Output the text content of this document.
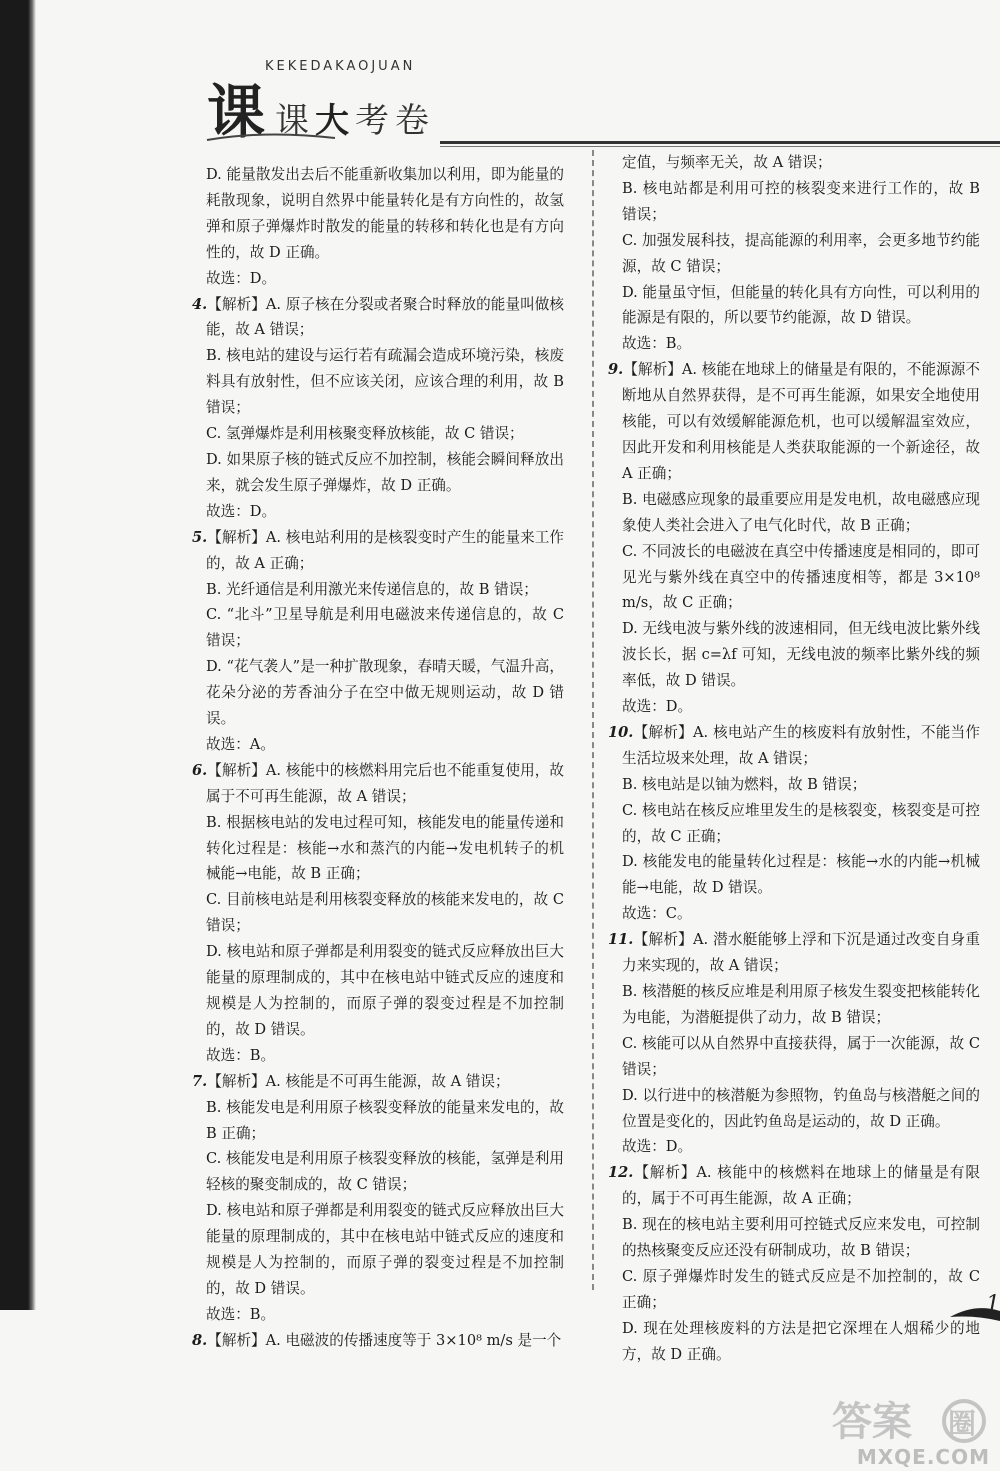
KEKEDAKAOJUAN
课 课 大 考 卷

D. 能量散发出去后不能重新收集加以利用，即为能量的耗散现象，说明自然界中能量转化是有方向性的，故氢弹和原子弹爆炸时散发的能量的转移和转化也是有方向性的，故 D 正确。

故选：D。

4.【解析】A. 原子核在分裂或者聚合时释放的能量叫做核能，故 A 错误；

B. 核电站的建设与运行若有疏漏会造成环境污染，核废料具有放射性，但不应该关闭，应该合理的利用，故 B 错误；

C. 氢弹爆炸是利用核聚变释放核能，故 C 错误；

D. 如果原子核的链式反应不加控制，核能会瞬间释放出来，就会发生原子弹爆炸，故 D 正确。

故选：D。

5.【解析】A. 核电站利用的是核裂变时产生的能量来工作的，故 A 正确；

B. 光纤通信是利用激光来传递信息的，故 B 错误；

C. “北斗”卫星导航是利用电磁波来传递信息的，故 C 错误；

D. “花气袭人”是一种扩散现象，春晴天暖，气温升高，花朵分泌的芳香油分子在空中做无规则运动，故 D 错误。

故选：A。

6.【解析】A. 核能中的核燃料用完后也不能重复使用，故属于不可再生能源，故 A 错误；

B. 根据核电站的发电过程可知，核能发电的能量传递和转化过程是：核能→水和蒸汽的内能→发电机转子的机械能→电能，故 B 正确；

C. 目前核电站是利用核裂变释放的核能来发电的，故 C 错误；

D. 核电站和原子弹都是利用裂变的链式反应释放出巨大能量的原理制成的，其中在核电站中链式反应的速度和规模是人为控制的，而原子弹的裂变过程是不加控制的，故 D 错误。

故选：B。

7.【解析】A. 核能是不可再生能源，故 A 错误；

B. 核能发电是利用原子核裂变释放的能量来发电的，故 B 正确；

C. 核能发电是利用原子核裂变释放的核能，氢弹是利用轻核的聚变制成的，故 C 错误；

D. 核电站和原子弹都是利用裂变的链式反应释放出巨大能量的原理制成的，其中在核电站中链式反应的速度和规模是人为控制的，而原子弹的裂变过程是不加控制的，故 D 错误。

故选：B。

8.【解析】A. 电磁波的传播速度等于 3×10⁸ m/s 是一个

定值，与频率无关，故 A 错误；

B. 核电站都是利用可控的核裂变来进行工作的，故 B 错误；

C. 加强发展科技，提高能源的利用率，会更多地节约能源，故 C 错误；

D. 能量虽守恒，但能量的转化具有方向性，可以利用的能源是有限的，所以要节约能源，故 D 错误。

故选：B。

9.【解析】A. 核能在地球上的储量是有限的，不能源源不断地从自然界获得，是不可再生能源，如果安全地使用核能，可以有效缓解能源危机，也可以缓解温室效应，因此开发和利用核能是人类获取能源的一个新途径，故 A 正确；

B. 电磁感应现象的最重要应用是发电机，故电磁感应现象使人类社会进入了电气化时代，故 B 正确；

C. 不同波长的电磁波在真空中传播速度是相同的，即可见光与紫外线在真空中的传播速度相等，都是 3×10⁸ m/s，故 C 正确；

D. 无线电波与紫外线的波速相同，但无线电波比紫外线波长长，据 c=λf 可知，无线电波的频率比紫外线的频率低，故 D 错误。

故选：D。

10.【解析】A. 核电站产生的核废料有放射性，不能当作生活垃圾来处理，故 A 错误；

B. 核电站是以铀为燃料，故 B 错误；

C. 核电站在核反应堆里发生的是核裂变，核裂变是可控的，故 C 正确；

D. 核能发电的能量转化过程是：核能→水的内能→机械能→电能，故 D 错误。

故选：C。

11.【解析】A. 潜水艇能够上浮和下沉是通过改变自身重力来实现的，故 A 错误；

B. 核潜艇的核反应堆是利用原子核发生裂变把核能转化为电能，为潜艇提供了动力，故 B 错误；

C. 核能可以从自然界中直接获得，属于一次能源，故 C 错误；

D. 以行进中的核潜艇为参照物，钓鱼岛与核潜艇之间的位置是变化的，因此钓鱼岛是运动的，故 D 正确。

故选：D。

12.【解析】A. 核能中的核燃料在地球上的储量是有限的，属于不可再生能源，故 A 正确；

B. 现在的核电站主要利用可控链式反应来发电，可控制的热核聚变反应还没有研制成功，故 B 错误；

C. 原子弹爆炸时发生的链式反应是不加控制的，故 C 正确；

D. 现在处理核废料的方法是把它深埋在人烟稀少的地方，故 D 正确。

1
答案 圈
MXQE.COM
